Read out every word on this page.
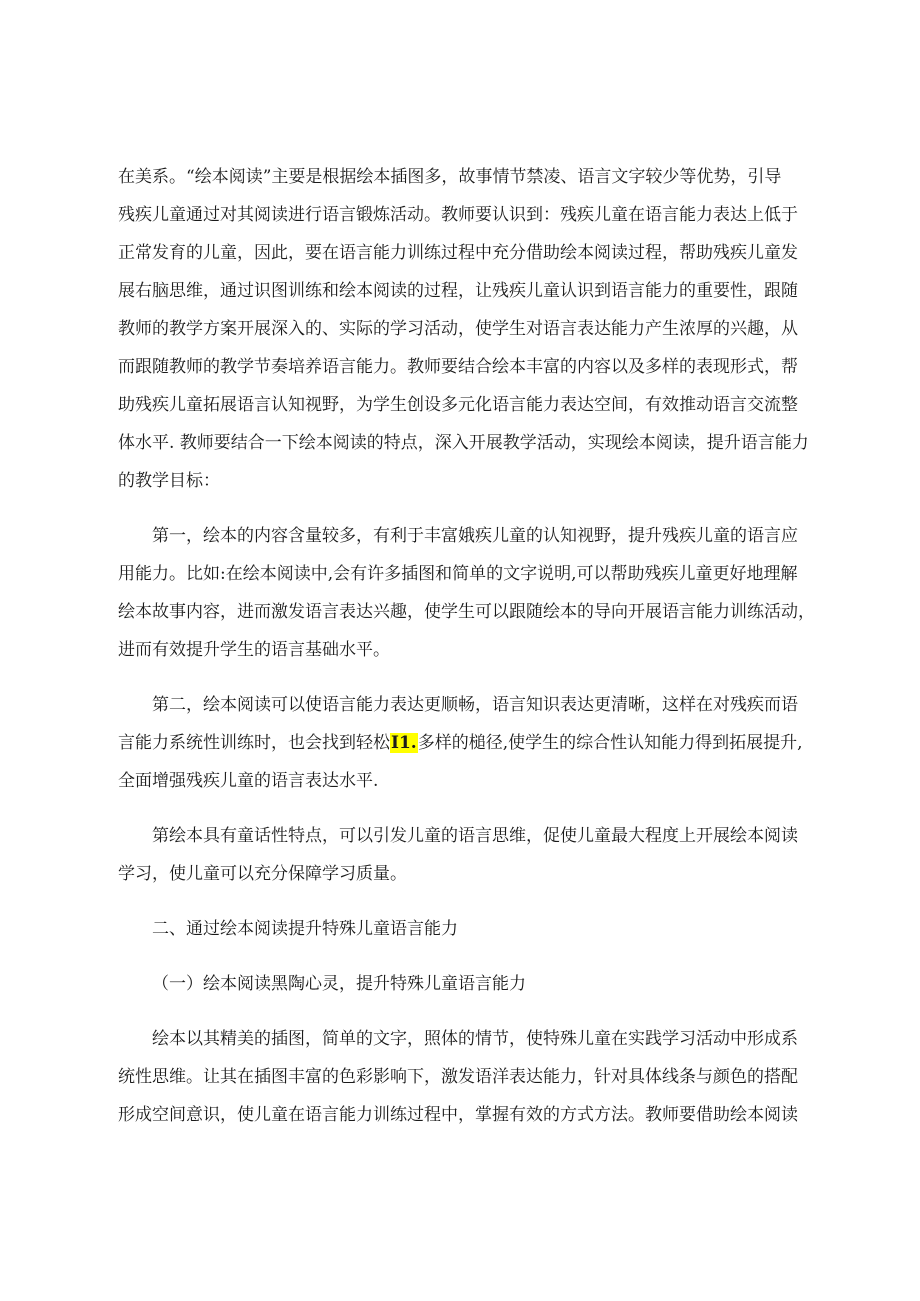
在美系。“绘本阅读”主要是根据绘本插图多，故事情节禁凌、语言文字较少等优势，引导
残疾儿童通过对其阅读进行语言锻炼活动。教师要认识到：残疾儿童在语言能力表达上低于
正常发育的儿童，因此，要在语言能力训练过程中充分借助绘本阅读过程，帮助残疾儿童发
展右脑思维，通过识图训练和绘本阅读的过程，让残疾儿童认识到语言能力的重要性，跟随
教师的教学方案开展深入的、实际的学习活动，使学生对语言表达能力产生浓厚的兴趣，从
而跟随教师的教学节奏培养语言能力。教师要结合绘本丰富的内容以及多样的表现形式，帮
助残疾儿童拓展语言认知视野，为学生创设多元化语言能力表达空间，有效推动语言交流整
体水平. 教师要结合一下绘本阅读的特点，深入开展教学活动，实现绘本阅读，提升语言能力
的教学目标：
第一，绘本的内容含量较多，有利于丰富娥疾儿童的认知视野，提升残疾儿童的语言应
用能力。比如:在绘本阅读中,会有许多插图和简单的文字说明,可以帮助残疾儿童更好地理解
绘本故事内容，进而激发语言表达兴趣，使学生可以跟随绘本的导向开展语言能力训练活动，
进而有效提升学生的语言基础水平。
第二，绘本阅读可以使语言能力表达更顺畅，语言知识表达更清晰，这样在对残疾而语
言能力系统性训练时，也会找到轻松I1.多样的槌径,使学生的综合性认知能力得到拓展提升,
全面增强残疾儿童的语言表达水平.
第绘本具有童话性特点，可以引发儿童的语言思维，促使儿童最大程度上开展绘本阅读
学习，使儿童可以充分保障学习质量。
二、通过绘本阅读提升特殊儿童语言能力
（一）绘本阅读黑陶心灵，提升特殊儿童语言能力
绘本以其精美的插图，简单的文字，照体的情节，使特殊儿童在实践学习活动中形成系
统性思维。让其在插图丰富的色彩影响下，激发语洋表达能力，针对具体线条与颜色的搭配
形成空间意识，使儿童在语言能力训练过程中，掌握有效的方式方法。教师要借助绘本阅读
